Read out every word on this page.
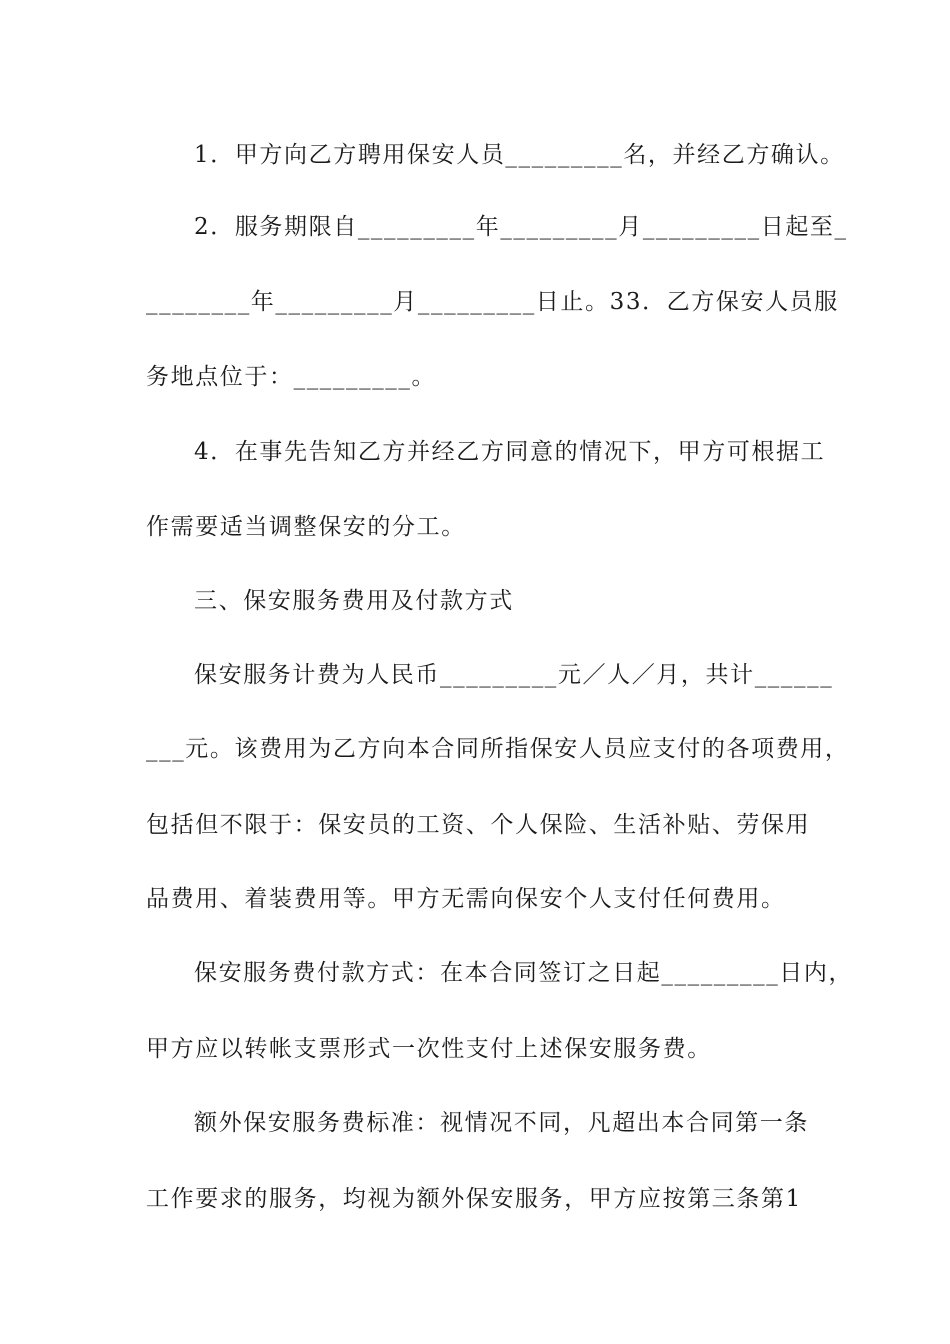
1．甲方向乙方聘用保安人员_________名，并经乙方确认。
2．服务期限自_________年_________月_________日起至_
________年_________月_________日止。33．乙方保安人员服
务地点位于：_________。
4．在事先告知乙方并经乙方同意的情况下，甲方可根据工
作需要适当调整保安的分工。
三、保安服务费用及付款方式
保安服务计费为人民币_________元／人／月，共计______
___元。该费用为乙方向本合同所指保安人员应支付的各项费用，
包括但不限于：保安员的工资、个人保险、生活补贴、劳保用
品费用、着装费用等。甲方无需向保安个人支付任何费用。
保安服务费付款方式：在本合同签订之日起_________日内，
甲方应以转帐支票形式一次性支付上述保安服务费。
额外保安服务费标准：视情况不同，凡超出本合同第一条
工作要求的服务，均视为额外保安服务，甲方应按第三条第1
